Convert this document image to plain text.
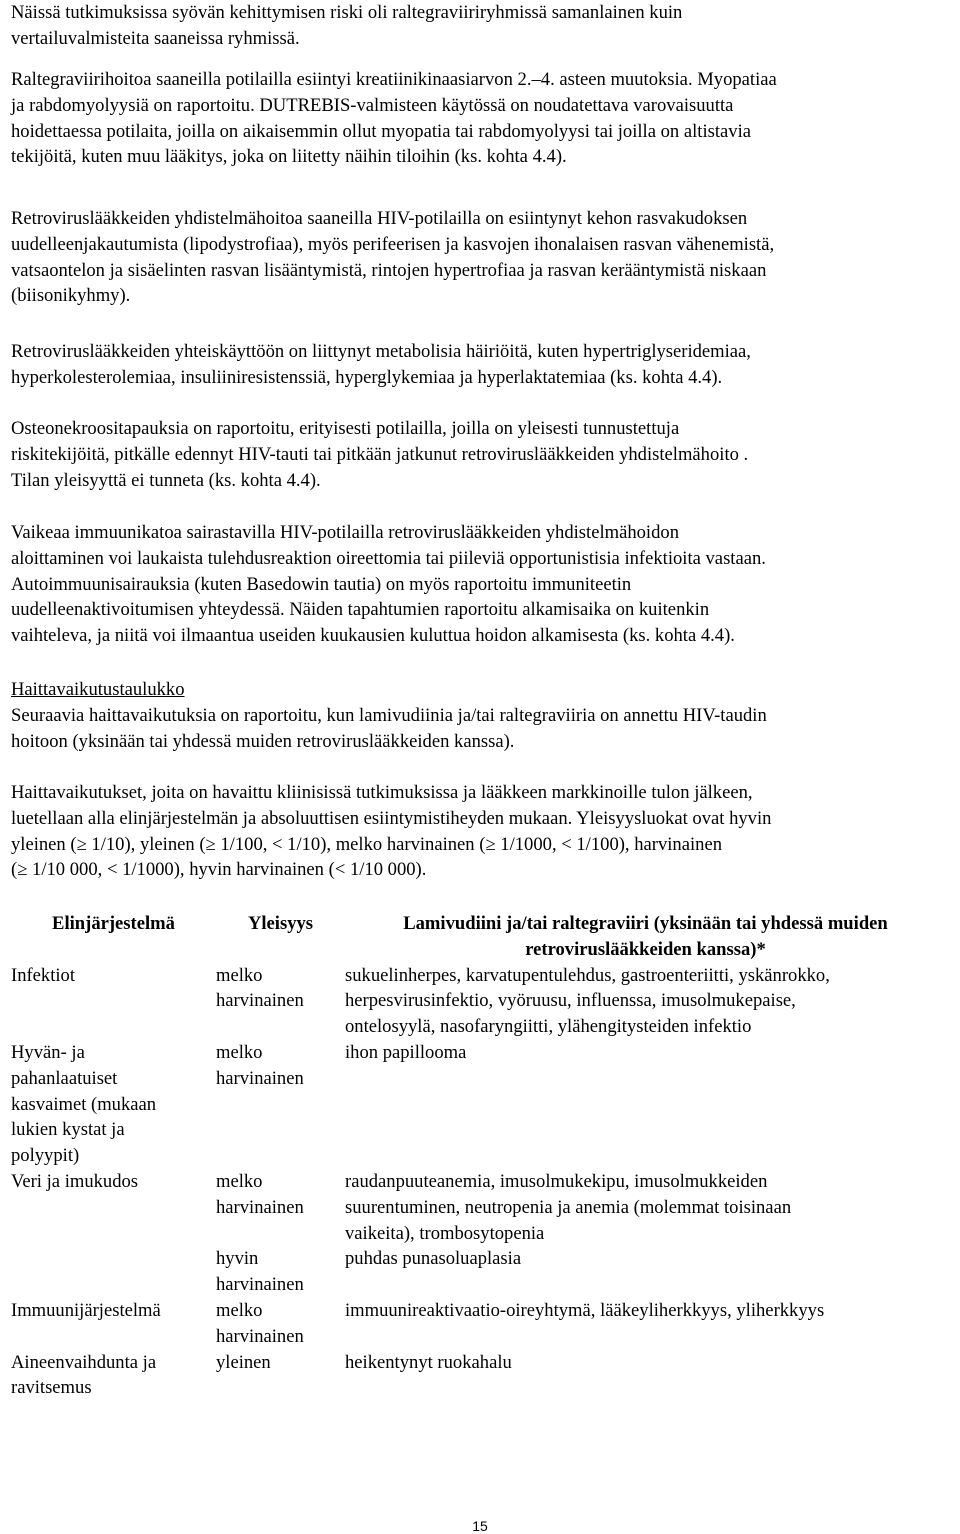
Näissä tutkimuksissa syövän kehittymisen riski oli raltegraviiriryhmissä samanlainen kuin
vertailuvalmisteita saaneissa ryhmissä.

Raltegraviirihoitoa saaneilla potilailla esiintyi kreatiinikinaasiarvon 2.–4. asteen muutoksia. Myopatiaa
ja rabdomyolyysiä on raportoitu. DUTREBIS-valmisteen käytössä on noudatettava varovaisuutta
hoidettaessa potilaita, joilla on aikaisemmin ollut myopatia tai rabdomyolyysi tai joilla on altistavia
tekijöitä, kuten muu lääkitys, joka on liitetty näihin tiloihin (ks. kohta 4.4).

Retroviruslääkkeiden yhdistelmähoitoa saaneilla HIV-potilailla on esiintynyt kehon rasvakudoksen
uudelleenjakautumista (lipodystrofiaa), myös perifeerisen ja kasvojen ihonalaisen rasvan vähenemistä,
vatsaontelon ja sisäelinten rasvan lisääntymistä, rintojen hypertrofiaa ja rasvan kerääntymistä niskaan
(biisonikyhmy).

Retroviruslääkkeiden yhteiskäyttöön on liittynyt metabolisia häiriöitä, kuten hypertriglyseridemiaa,
hyperkolesterolemiaa, insuliiniresistenssiä, hyperglykemiaa ja hyperlaktatemiaa (ks. kohta 4.4).

Osteonekroositapauksia on raportoitu, erityisesti potilailla, joilla on yleisesti tunnustettuja
riskitekijöitä, pitkälle edennyt HIV-tauti tai pitkään jatkunut retroviruslääkkeiden yhdistelmähoito .
Tilan yleisyyttä ei tunneta (ks. kohta 4.4).

Vaikeaa immuunikatoa sairastavilla HIV-potilailla retroviruslääkkeiden yhdistelmähoidon
aloittaminen voi laukaista tulehdusreaktion oireettomia tai piileviä opportunistisia infektioita vastaan.
Autoimmuunisairauksia (kuten Basedowin tautia) on myös raportoitu immuniteetin
uudelleenaktivoitumisen yhteydessä. Näiden tapahtumien raportoitu alkamisaika on kuitenkin
vaihteleva, ja niitä voi ilmaantua useiden kuukausien kuluttua hoidon alkamisesta (ks. kohta 4.4).

Haittavaikutustaulukko
Seuraavia haittavaikutuksia on raportoitu, kun lamivudiinia ja/tai raltegraviiria on annettu HIV-taudin
hoitoon (yksinään tai yhdessä muiden retroviruslääkkeiden kanssa).

Haittavaikutukset, joita on havaittu kliinisissä tutkimuksissa ja lääkkeen markkinoille tulon jälkeen,
luetellaan alla elinjärjestelmän ja absoluuttisen esiintymistiheyden mukaan. Yleisyysluokat ovat hyvin
yleinen (≥ 1/10), yleinen (≥ 1/100, < 1/10), melko harvinainen (≥ 1/1000, < 1/100), harvinainen
(≥ 1/10 000, < 1/1000), hyvin harvinainen (< 1/10 000).

Elinjärjestelmä	Yleisyys	Lamivudiini ja/tai raltegraviiri (yksinään tai yhdessä muiden
retroviruslääkkeiden kanssa)*

Infektiot	melko
harvinainen	sukuelinherpes, karvatupentulehdus, gastroenteriitti, yskänrokko,
herpesvirusinfektio, vyöruusu, influenssa, imusolmukepaise,
ontelosyylä, nasofaryngiitti, ylähengitysteiden infektio

Hyvän- ja
pahanlaatuiset
kasvaimet (mukaan
lukien kystat ja
polyypit)	melko
harvinainen	ihon papillooma

Veri ja imukudos	melko
harvinainen	raudanpuuteanemia, imusolmukekipu, imusolmukkeiden
suurentuminen, neutropenia ja anemia (molemmat toisinaan
vaikeita), trombosytopenia

	hyvin
harvinainen	puhdas punasoluaplasia

Immuunijärjestelmä	melko
harvinainen	immuunireaktivaatio-oireyhtymä, lääkeyliherkkyys, yliherkkyys

Aineenvaihdunta ja
ravitsemus	yleinen	heikentynyt ruokahalu
15
